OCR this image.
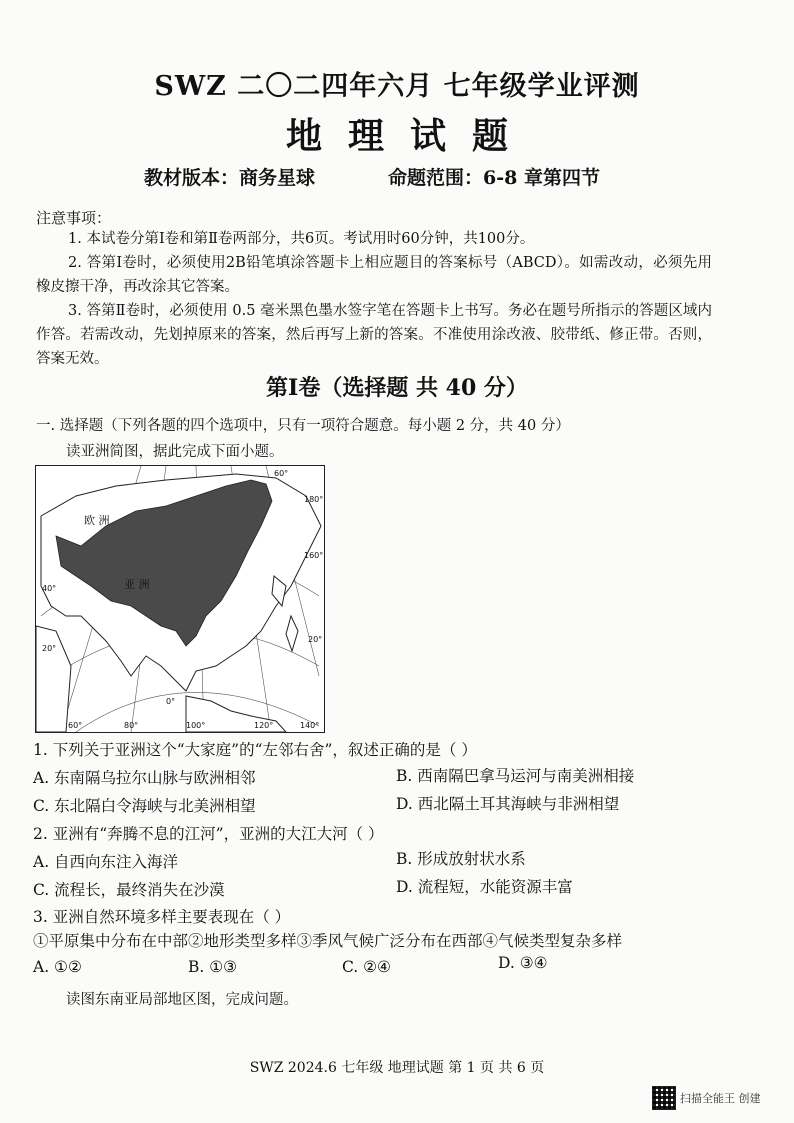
SWZ 二〇二四年六月 七年级学业评测
地理试题
教材版本：商务星球	命题范围：6-8 章第四节
注意事项：
1. 本试卷分第Ⅰ卷和第Ⅱ卷两部分，共6页。考试用时60分钟，共100分。
2. 答第Ⅰ卷时，必须使用2B铅笔填涂答题卡上相应题目的答案标号（ABCD）。如需改动，必须先用橡皮擦干净，再改涂其它答案。
3. 答第Ⅱ卷时，必须使用 0.5 毫米黑色墨水签字笔在答题卡上书写。务必在题号所指示的答题区域内作答。若需改动，先划掉原来的答案，然后再写上新的答案。不准使用涂改液、胶带纸、修正带。否则，答案无效。
第Ⅰ卷（选择题 共 40 分）
一. 选择题（下列各题的四个选项中，只有一项符合题意。每小题 2 分，共 40 分）
读亚洲简图，据此完成下面小题。
欧 洲
亚 洲
60°
180°
160°
40°
20°
20°
60°	80°	100°	120°	140°
0°
1. 下列关于亚洲这个“大家庭”的“左邻右舍”，叙述正确的是（ ）
A. 东南隔乌拉尔山脉与欧洲相邻	B. 西南隔巴拿马运河与南美洲相接
C. 东北隔白令海峡与北美洲相望	D. 西北隔土耳其海峡与非洲相望
2. 亚洲有“奔腾不息的江河”，亚洲的大江大河（ ）
A. 自西向东注入海洋	B. 形成放射状水系
C. 流程长，最终消失在沙漠	D. 流程短，水能资源丰富
3. 亚洲自然环境多样主要表现在（ ）
①平原集中分布在中部②地形类型多样③季风气候广泛分布在西部④气候类型复杂多样
A. ①②	B. ①③	C. ②④	D. ③④
读图东南亚局部地区图，完成问题。
SWZ 2024.6 七年级 地理试题 第 1 页 共 6 页
扫描全能王 创建
